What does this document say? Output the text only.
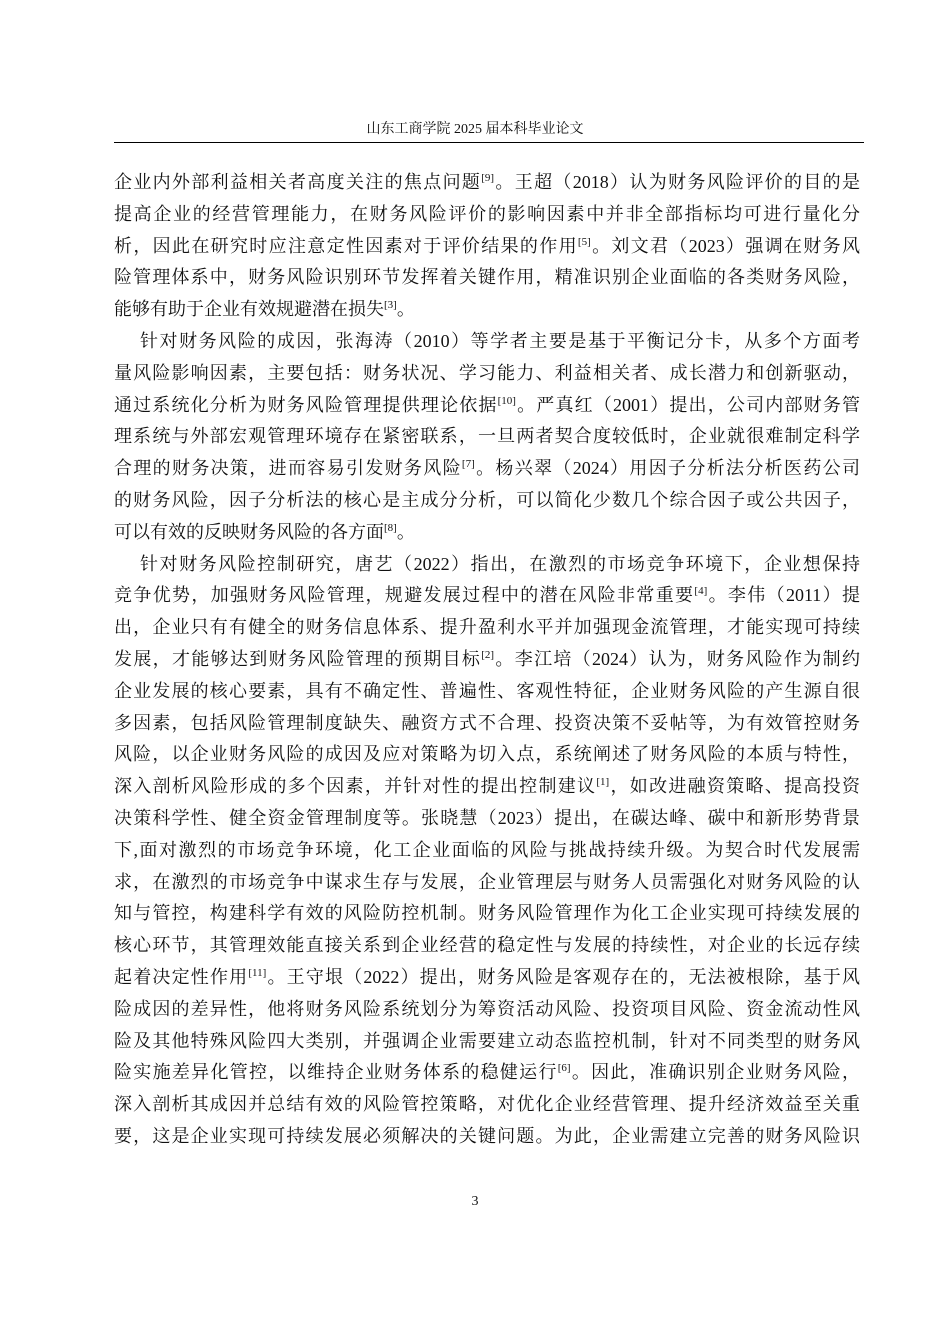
山东工商学院 2025 届本科毕业论文
企业内外部利益相关者高度关注的焦点问题[9]。王超（2018）认为财务风险评价的目的是
提高企业的经营管理能力，在财务风险评价的影响因素中并非全部指标均可进行量化分
析，因此在研究时应注意定性因素对于评价结果的作用[5]。刘文君（2023）强调在财务风
险管理体系中，财务风险识别环节发挥着关键作用，精准识别企业面临的各类财务风险，
能够有助于企业有效规避潜在损失[3]。
针对财务风险的成因，张海涛（2010）等学者主要是基于平衡记分卡，从多个方面考
量风险影响因素，主要包括：财务状况、学习能力、利益相关者、成长潜力和创新驱动，
通过系统化分析为财务风险管理提供理论依据[10]。严真红（2001）提出，公司内部财务管
理系统与外部宏观管理环境存在紧密联系，一旦两者契合度较低时，企业就很难制定科学
合理的财务决策，进而容易引发财务风险[7]。杨兴翠（2024）用因子分析法分析医药公司
的财务风险，因子分析法的核心是主成分分析，可以简化少数几个综合因子或公共因子，
可以有效的反映财务风险的各方面[8]。
针对财务风险控制研究，唐艺（2022）指出，在激烈的市场竞争环境下，企业想保持
竞争优势，加强财务风险管理，规避发展过程中的潜在风险非常重要[4]。李伟（2011）提
出，企业只有有健全的财务信息体系、提升盈利水平并加强现金流管理，才能实现可持续
发展，才能够达到财务风险管理的预期目标[2]。李江培（2024）认为，财务风险作为制约
企业发展的核心要素，具有不确定性、普遍性、客观性特征，企业财务风险的产生源自很
多因素，包括风险管理制度缺失、融资方式不合理、投资决策不妥帖等，为有效管控财务
风险，以企业财务风险的成因及应对策略为切入点，系统阐述了财务风险的本质与特性，
深入剖析风险形成的多个因素，并针对性的提出控制建议[1]，如改进融资策略、提高投资
决策科学性、健全资金管理制度等。张晓慧（2023）提出，在碳达峰、碳中和新形势背景
下,面对激烈的市场竞争环境，化工企业面临的风险与挑战持续升级。为契合时代发展需
求，在激烈的市场竞争中谋求生存与发展，企业管理层与财务人员需强化对财务风险的认
知与管控，构建科学有效的风险防控机制。财务风险管理作为化工企业实现可持续发展的
核心环节，其管理效能直接关系到企业经营的稳定性与发展的持续性，对企业的长远存续
起着决定性作用[11]。王守垠（2022）提出，财务风险是客观存在的，无法被根除，基于风
险成因的差异性，他将财务风险系统划分为筹资活动风险、投资项目风险、资金流动性风
险及其他特殊风险四大类别，并强调企业需要建立动态监控机制，针对不同类型的财务风
险实施差异化管控，以维持企业财务体系的稳健运行[6]。因此，准确识别企业财务风险，
深入剖析其成因并总结有效的风险管控策略，对优化企业经营管理、提升经济效益至关重
要，这是企业实现可持续发展必须解决的关键问题。为此，企业需建立完善的财务风险识
3
